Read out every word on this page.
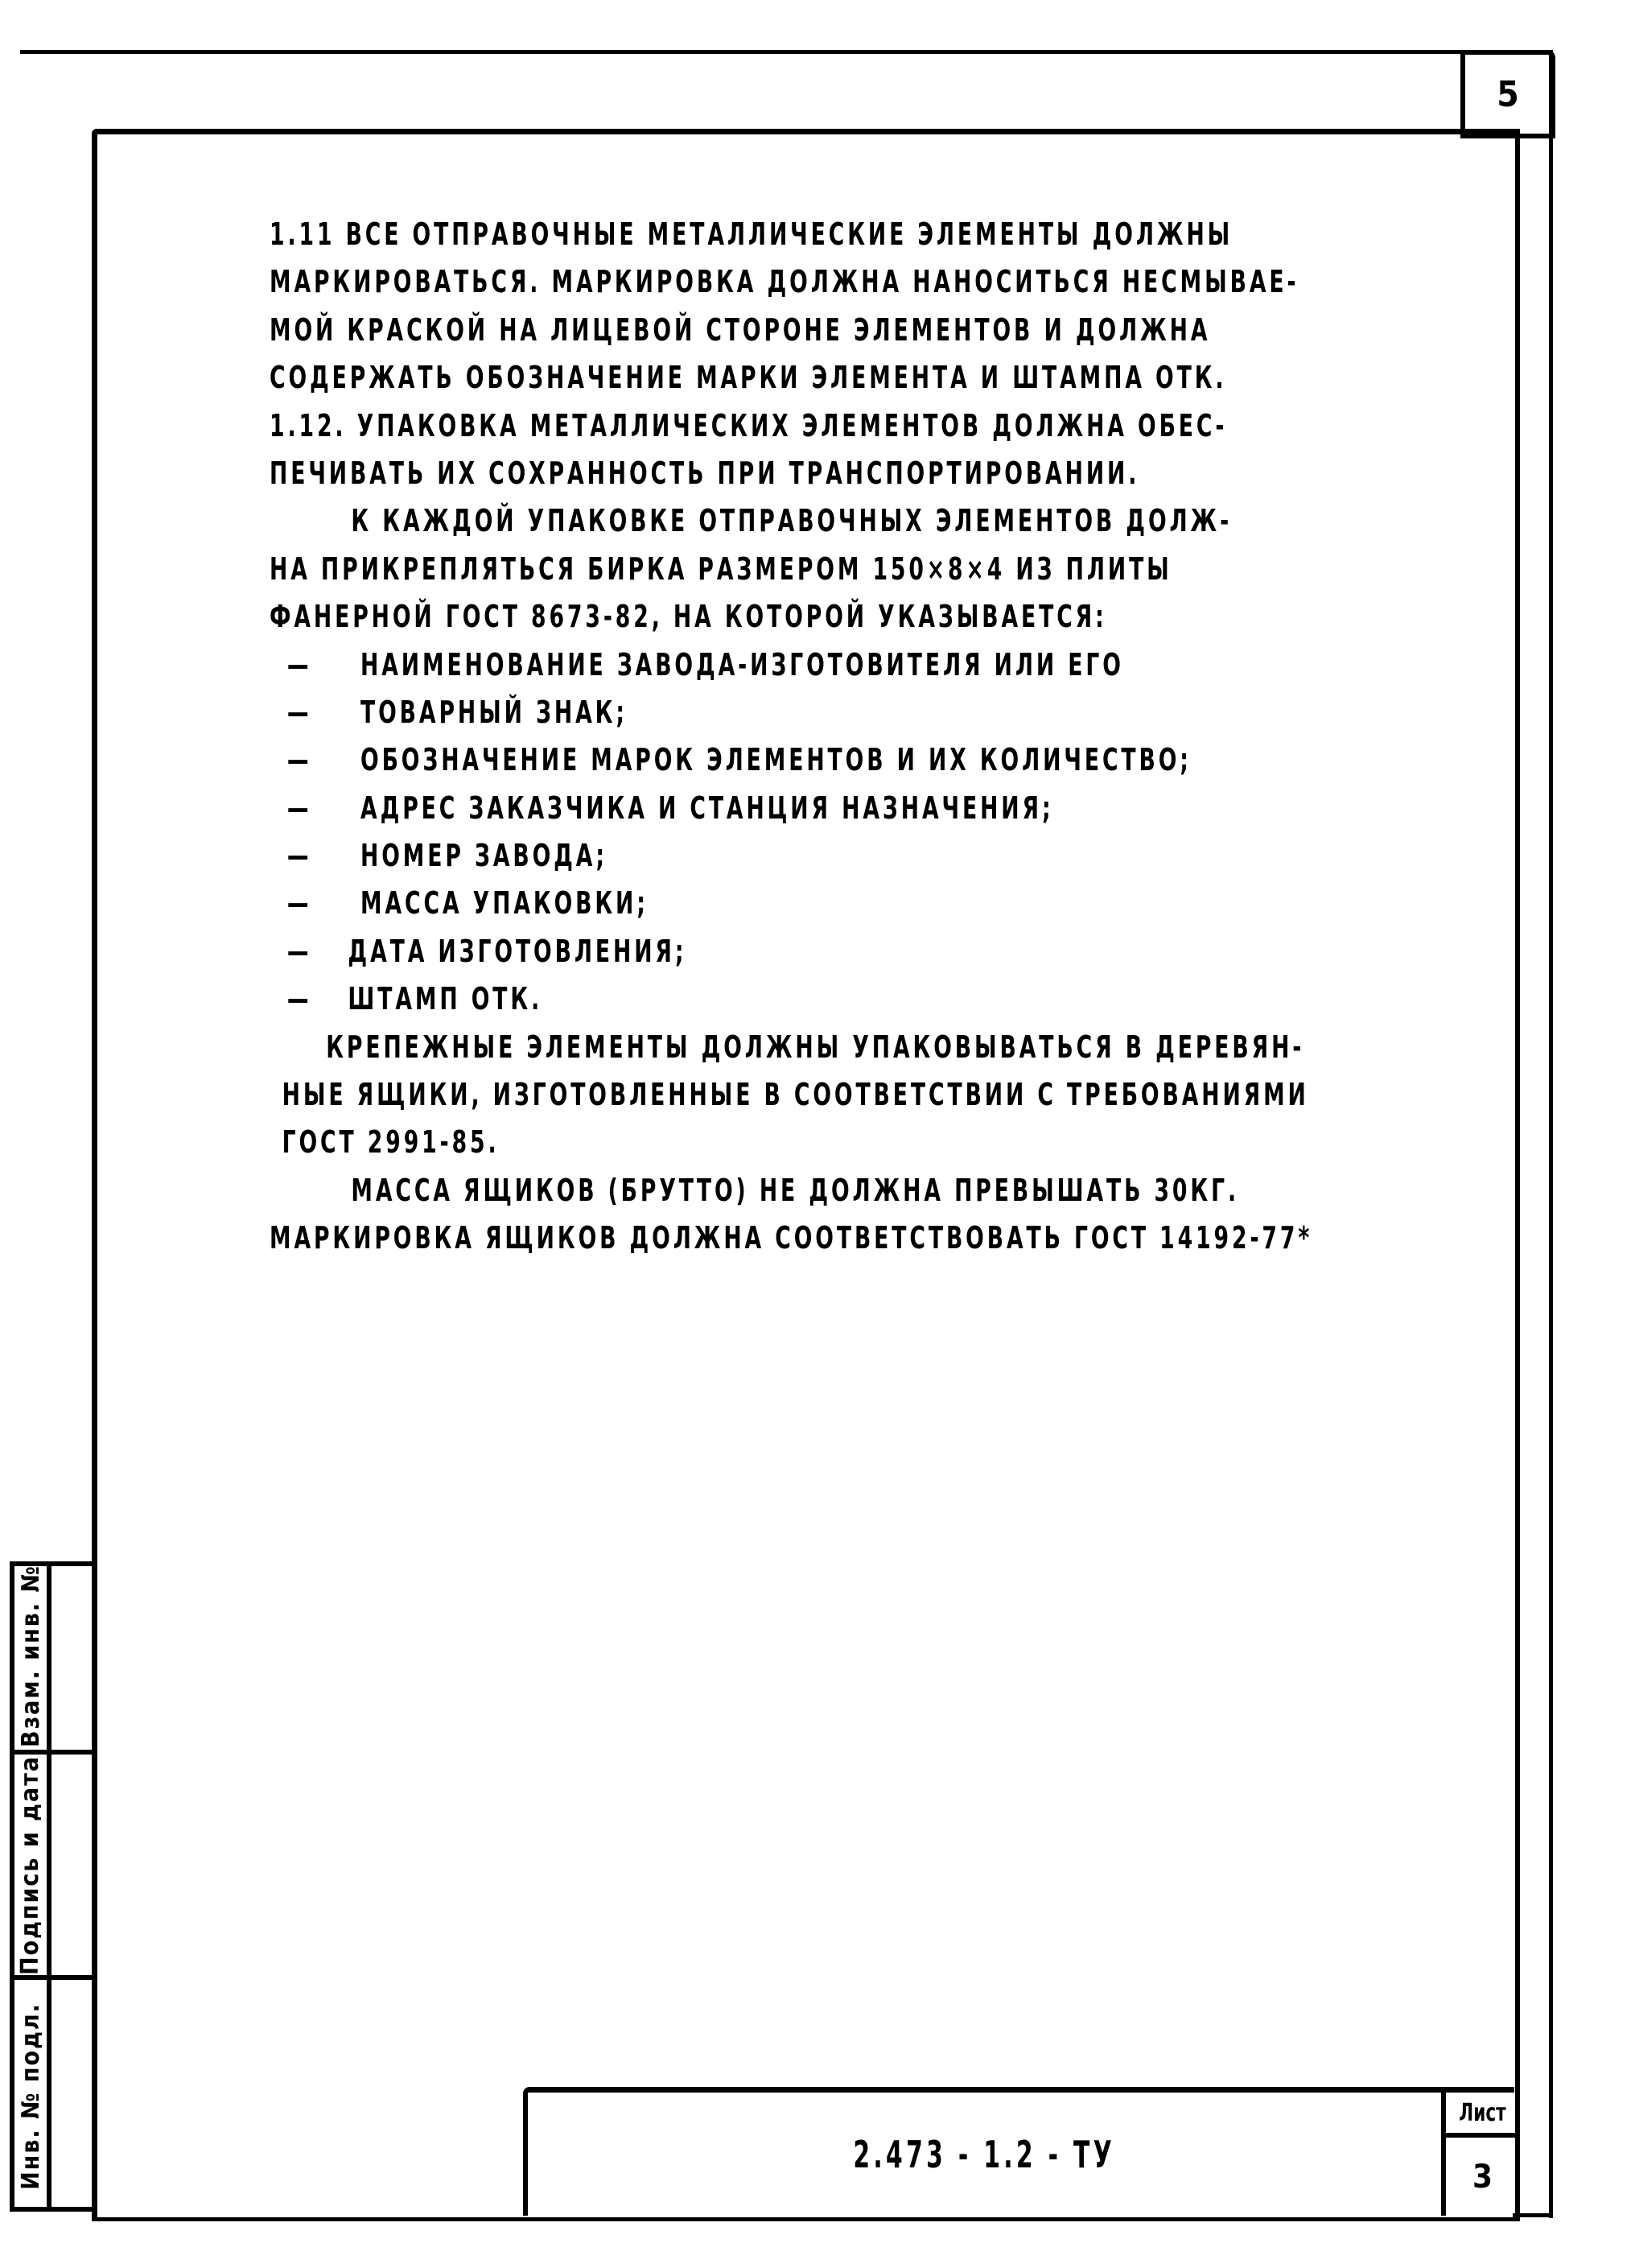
5
1.11 ВСЕ ОТПРАВОЧНЫЕ МЕТАЛЛИЧЕСКИЕ ЭЛЕМЕНТЫ ДОЛЖНЫ
МАРКИРОВАТЬСЯ. МАРКИРОВКА ДОЛЖНА НАНОСИТЬСЯ НЕСМЫВАЕ-
МОЙ КРАСКОЙ НА ЛИЦЕВОЙ СТОРОНЕ ЭЛЕМЕНТОВ И ДОЛЖНА
СОДЕРЖАТЬ ОБОЗНАЧЕНИЕ МАРКИ ЭЛЕМЕНТА И ШТАМПА ОТК.
1.12. УПАКОВКА МЕТАЛЛИЧЕСКИХ ЭЛЕМЕНТОВ ДОЛЖНА ОБЕС-
ПЕЧИВАТЬ ИХ СОХРАННОСТЬ ПРИ ТРАНСПОРТИРОВАНИИ.
К КАЖДОЙ УПАКОВКЕ ОТПРАВОЧНЫХ ЭЛЕМЕНТОВ ДОЛЖ-
НА ПРИКРЕПЛЯТЬСЯ БИРКА РАЗМЕРОМ 150×8×4 ИЗ ПЛИТЫ
ФАНЕРНОЙ ГОСТ 8673-82, НА КОТОРОЙ УКАЗЫВАЕТСЯ:
— НАИМЕНОВАНИЕ ЗАВОДА-ИЗГОТОВИТЕЛЯ ИЛИ ЕГО
— ТОВАРНЫЙ ЗНАК;
— ОБОЗНАЧЕНИЕ МАРОК ЭЛЕМЕНТОВ И ИХ КОЛИЧЕСТВО;
— АДРЕС ЗАКАЗЧИКА И СТАНЦИЯ НАЗНАЧЕНИЯ;
— НОМЕР ЗАВОДА;
— МАССА УПАКОВКИ;
— ДАТА ИЗГОТОВЛЕНИЯ;
— ШТАМП ОТК.
КРЕПЕЖНЫЕ ЭЛЕМЕНТЫ ДОЛЖНЫ УПАКОВЫВАТЬСЯ В ДЕРЕВЯН-
НЫЕ ЯЩИКИ, ИЗГОТОВЛЕННЫЕ В СООТВЕТСТВИИ С ТРЕБОВАНИЯМИ
ГОСТ 2991-85.
МАССА ЯЩИКОВ (БРУТТО) НЕ ДОЛЖНА ПРЕВЫШАТЬ 30КГ.
МАРКИРОВКА ЯЩИКОВ ДОЛЖНА СООТВЕТСТВОВАТЬ ГОСТ 14192-77*
Взам. инв. №
Подпись и дата
Инв. № подл.	2.473 - 1.2 - ТУ
Лист
3
